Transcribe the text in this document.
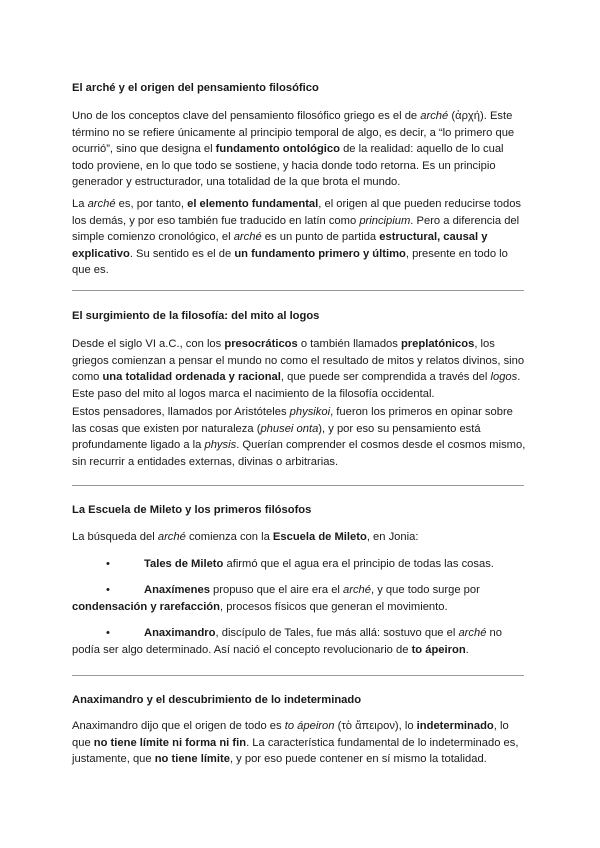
El arché y el origen del pensamiento filosófico

Uno de los conceptos clave del pensamiento filosófico griego es el de arché (ἀρχή). Este término no se refiere únicamente al principio temporal de algo, es decir, a “lo primero que ocurrió”, sino que designa el fundamento ontológico de la realidad: aquello de lo cual todo proviene, en lo que todo se sostiene, y hacia donde todo retorna. Es un principio generador y estructurador, una totalidad de la que brota el mundo.

La arché es, por tanto, el elemento fundamental, el origen al que pueden reducirse todos los demás, y por eso también fue traducido en latín como principium. Pero a diferencia del simple comienzo cronológico, el arché es un punto de partida estructural, causal y explicativo. Su sentido es el de un fundamento primero y último, presente en todo lo que es.

El surgimiento de la filosofía: del mito al logos

Desde el siglo VI a.C., con los presocráticos o también llamados preplatónicos, los griegos comienzan a pensar el mundo no como el resultado de mitos y relatos divinos, sino como una totalidad ordenada y racional, que puede ser comprendida a través del logos. Este paso del mito al logos marca el nacimiento de la filosofía occidental.

Estos pensadores, llamados por Aristóteles physikoi, fueron los primeros en opinar sobre las cosas que existen por naturaleza (phusei onta), y por eso su pensamiento está profundamente ligado a la physis. Querían comprender el cosmos desde el cosmos mismo, sin recurrir a entidades externas, divinas o arbitrarias.

La Escuela de Mileto y los primeros filósofos

La búsqueda del arché comienza con la Escuela de Mileto, en Jonia:

•	Tales de Mileto afirmó que el agua era el principio de todas las cosas.
•	Anaxímenes propuso que el aire era el arché, y que todo surge por
condensación y rarefacción, procesos físicos que generan el movimiento.
•	Anaximandro, discípulo de Tales, fue más allá: sostuvo que el arché no
podía ser algo determinado. Así nació el concepto revolucionario de to ápeiron.
Anaximandro y el descubrimiento de lo indeterminado

Anaximandro dijo que el origen de todo es to ápeiron (τὸ ἄπειρον), lo indeterminado, lo que no tiene límite ni forma ni fin. La característica fundamental de lo indeterminado es, justamente, que no tiene límite, y por eso puede contener en sí mismo la totalidad.
